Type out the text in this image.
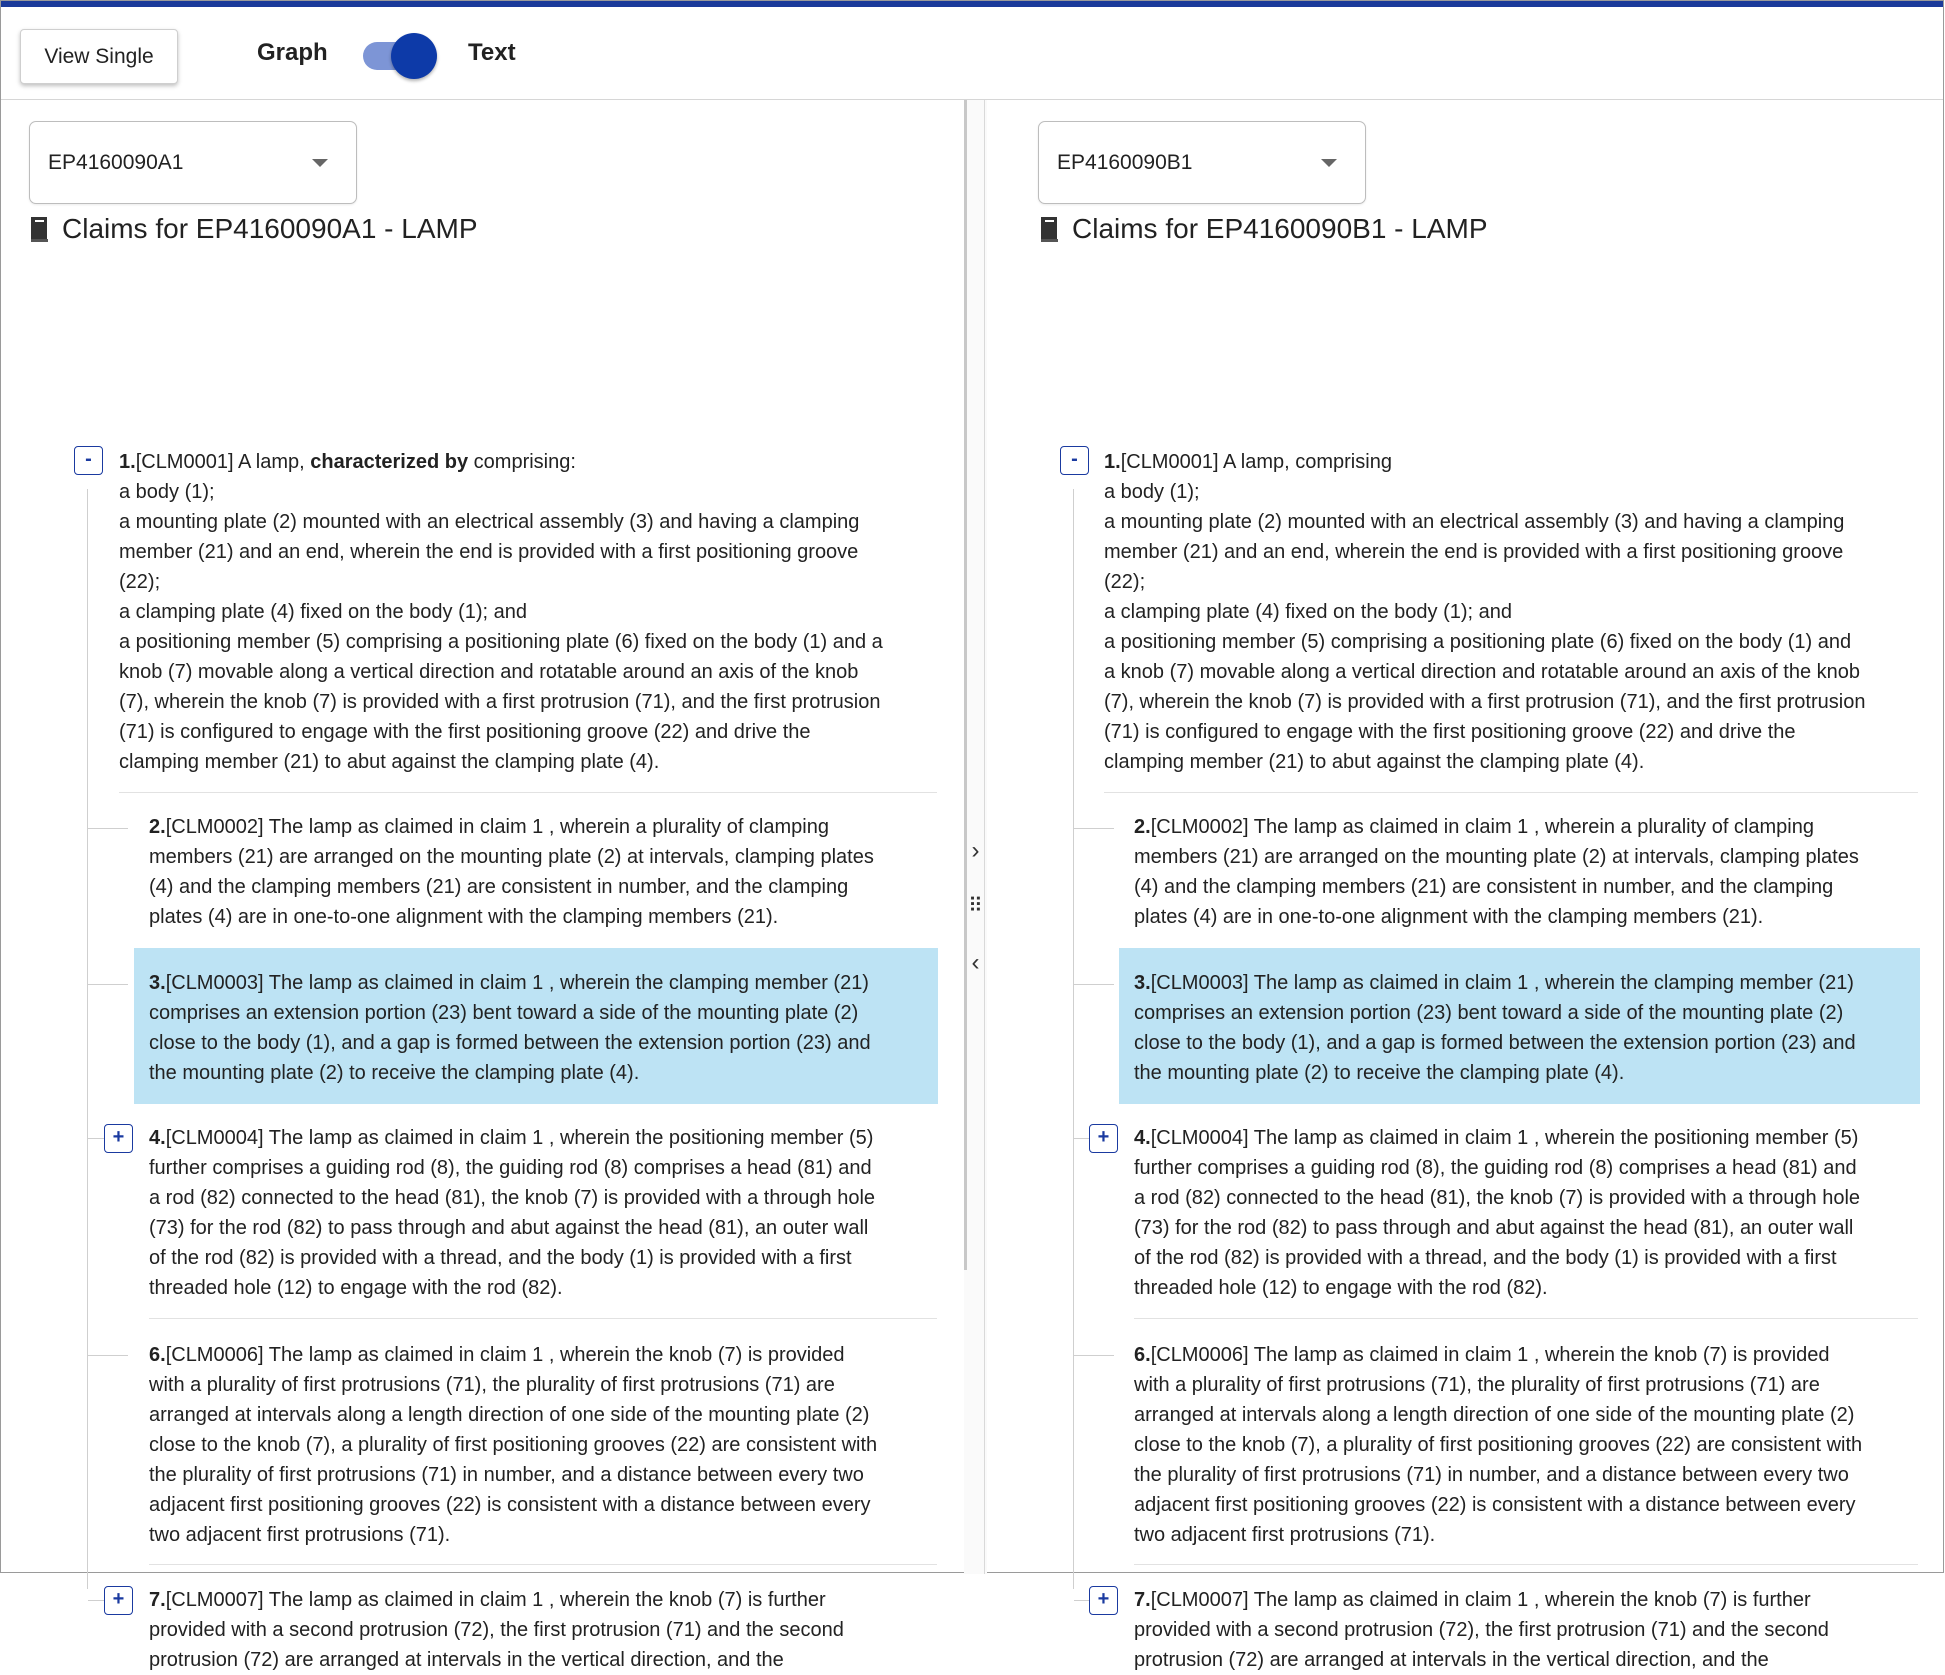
View Single	Graph	Text
EP4160090A1
Claims for EP4160090A1 - LAMP
-	1.[CLM0001] A lamp, characterized by comprising:
a body (1);
a mounting plate (2) mounted with an electrical assembly (3) and having a clamping
member (21) and an end, wherein the end is provided with a first positioning groove
(22);
a clamping plate (4) fixed on the body (1); and
a positioning member (5) comprising a positioning plate (6) fixed on the body (1) and a
knob (7) movable along a vertical direction and rotatable around an axis of the knob
(7), wherein the knob (7) is provided with a first protrusion (71), and the first protrusion
(71) is configured to engage with the first positioning groove (22) and drive the
clamping member (21) to abut against the clamping plate (4).
2.[CLM0002] The lamp as claimed in claim 1 , wherein a plurality of clamping
members (21) are arranged on the mounting plate (2) at intervals, clamping plates
(4) and the clamping members (21) are consistent in number, and the clamping
plates (4) are in one-to-one alignment with the clamping members (21).
3.[CLM0003] The lamp as claimed in claim 1 , wherein the clamping member (21)
comprises an extension portion (23) bent toward a side of the mounting plate (2)
close to the body (1), and a gap is formed between the extension portion (23) and
the mounting plate (2) to receive the clamping plate (4).
+	4.[CLM0004] The lamp as claimed in claim 1 , wherein the positioning member (5)
further comprises a guiding rod (8), the guiding rod (8) comprises a head (81) and
a rod (82) connected to the head (81), the knob (7) is provided with a through hole
(73) for the rod (82) to pass through and abut against the head (81), an outer wall
of the rod (82) is provided with a thread, and the body (1) is provided with a first
threaded hole (12) to engage with the rod (82).
6.[CLM0006] The lamp as claimed in claim 1 , wherein the knob (7) is provided
with a plurality of first protrusions (71), the plurality of first protrusions (71) are
arranged at intervals along a length direction of one side of the mounting plate (2)
close to the knob (7), a plurality of first positioning grooves (22) are consistent with
the plurality of first protrusions (71) in number, and a distance between every two
adjacent first positioning grooves (22) is consistent with a distance between every
two adjacent first protrusions (71).
+	7.[CLM0007] The lamp as claimed in claim 1 , wherein the knob (7) is further
provided with a second protrusion (72), the first protrusion (71) and the second
protrusion (72) are arranged at intervals in the vertical direction, and the
›
⠿
‹
EP4160090B1
Claims for EP4160090B1 - LAMP
-	1.[CLM0001] A lamp, comprising
a body (1);
a mounting plate (2) mounted with an electrical assembly (3) and having a clamping
member (21) and an end, wherein the end is provided with a first positioning groove
(22);
a clamping plate (4) fixed on the body (1); and
a positioning member (5) comprising a positioning plate (6) fixed on the body (1) and
a knob (7) movable along a vertical direction and rotatable around an axis of the knob
(7), wherein the knob (7) is provided with a first protrusion (71), and the first protrusion
(71) is configured to engage with the first positioning groove (22) and drive the
clamping member (21) to abut against the clamping plate (4).
2.[CLM0002] The lamp as claimed in claim 1 , wherein a plurality of clamping
members (21) are arranged on the mounting plate (2) at intervals, clamping plates
(4) and the clamping members (21) are consistent in number, and the clamping
plates (4) are in one-to-one alignment with the clamping members (21).
3.[CLM0003] The lamp as claimed in claim 1 , wherein the clamping member (21)
comprises an extension portion (23) bent toward a side of the mounting plate (2)
close to the body (1), and a gap is formed between the extension portion (23) and
the mounting plate (2) to receive the clamping plate (4).
+	4.[CLM0004] The lamp as claimed in claim 1 , wherein the positioning member (5)
further comprises a guiding rod (8), the guiding rod (8) comprises a head (81) and
a rod (82) connected to the head (81), the knob (7) is provided with a through hole
(73) for the rod (82) to pass through and abut against the head (81), an outer wall
of the rod (82) is provided with a thread, and the body (1) is provided with a first
threaded hole (12) to engage with the rod (82).
6.[CLM0006] The lamp as claimed in claim 1 , wherein the knob (7) is provided
with a plurality of first protrusions (71), the plurality of first protrusions (71) are
arranged at intervals along a length direction of one side of the mounting plate (2)
close to the knob (7), a plurality of first positioning grooves (22) are consistent with
the plurality of first protrusions (71) in number, and a distance between every two
adjacent first positioning grooves (22) is consistent with a distance between every
two adjacent first protrusions (71).
+	7.[CLM0007] The lamp as claimed in claim 1 , wherein the knob (7) is further
provided with a second protrusion (72), the first protrusion (71) and the second
protrusion (72) are arranged at intervals in the vertical direction, and the
